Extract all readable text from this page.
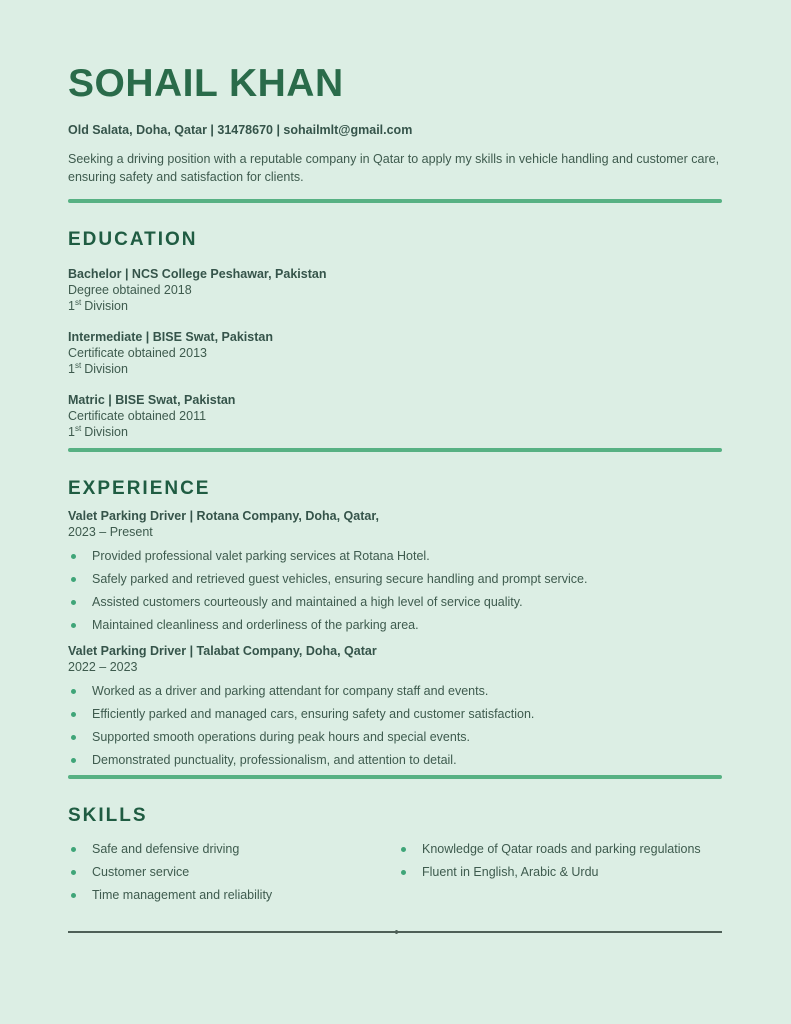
SOHAIL KHAN
Old Salata, Doha, Qatar | 31478670 | sohailmlt@gmail.com
Seeking a driving position with a reputable company in Qatar to apply my skills in vehicle handling and customer care, ensuring safety and satisfaction for clients.
EDUCATION
Bachelor | NCS College Peshawar, Pakistan
Degree obtained 2018
1st Division
Intermediate | BISE Swat, Pakistan
Certificate obtained 2013
1st Division
Matric | BISE Swat, Pakistan
Certificate obtained 2011
1st Division
EXPERIENCE
Valet Parking Driver | Rotana Company, Doha, Qatar,
2023 – Present
Provided professional valet parking services at Rotana Hotel.
Safely parked and retrieved guest vehicles, ensuring secure handling and prompt service.
Assisted customers courteously and maintained a high level of service quality.
Maintained cleanliness and orderliness of the parking area.
Valet Parking Driver | Talabat Company, Doha, Qatar
2022 – 2023
Worked as a driver and parking attendant for company staff and events.
Efficiently parked and managed cars, ensuring safety and customer satisfaction.
Supported smooth operations during peak hours and special events.
Demonstrated punctuality, professionalism, and attention to detail.
SKILLS
Safe and defensive driving
Customer service
Time management and reliability
Knowledge of Qatar roads and parking regulations
Fluent in English, Arabic & Urdu
